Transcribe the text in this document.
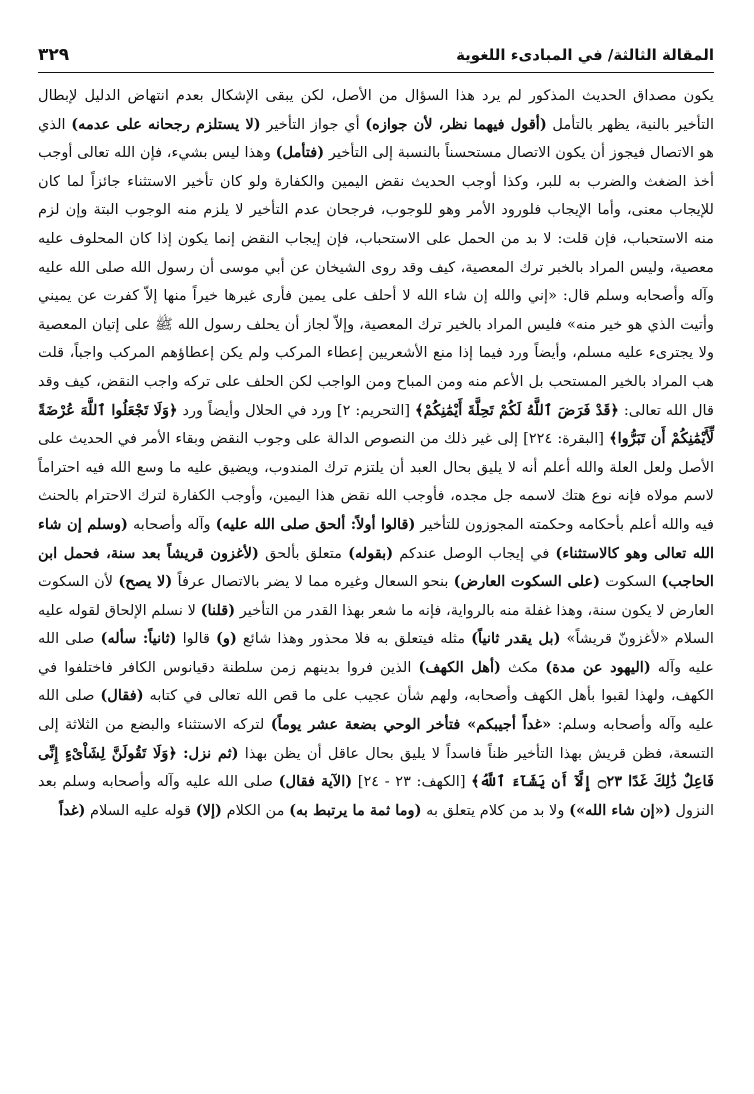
المقالة الثالثة/ في المبادىء اللغوية
٣٢٩

يكون مصداق الحديث المذكور لم يرد هذا السؤال من الأصل، لكن يبقى الإشكال بعدم انتهاض الدليل لإبطال التأخير بالنية، يظهر بالتأمل (أقول فيهما نظر، لأن جوازه) أي جواز التأخير (لا يستلزم رجحانه على عدمه) الذي هو الاتصال فيجوز أن يكون الاتصال مستحسناً بالنسبة إلى التأخير (فتأمل) وهذا ليس بشيء، فإن الله تعالى أوجب أخذ الضغث والضرب به للبر، وكذا أوجب الحديث نقض اليمين والكفارة ولو كان تأخير الاستثناء جائزاً لما كان للإيجاب معنى، وأما الإيجاب فلورود الأمر وهو للوجوب، فرجحان عدم التأخير لا يلزم منه الوجوب البتة وإن لزم منه الاستحباب، فإن قلت: لا بد من الحمل على الاستحباب، فإن إيجاب النقض إنما يكون إذا كان المحلوف عليه معصية، وليس المراد بالخبر ترك المعصية، كيف وقد روى الشيخان عن أبي موسى أن رسول الله صلى الله عليه وآله وأصحابه وسلم قال: «إني والله إن شاء الله لا أحلف على يمين فأرى غيرها خيراً منها إلاّ كفرت عن يميني وأتيت الذي هو خير منه» فليس المراد بالخير ترك المعصية، وإلاّ لجاز أن يحلف رسول الله ﷺ على إتيان المعصية ولا يجترىء عليه مسلم، وأيضاً ورد فيما إذا منع الأشعريين إعطاء المركب ولم يكن إعطاؤهم المركب واجباً، قلت هب المراد بالخير المستحب بل الأعم منه ومن المباح ومن الواجب لكن الحلف على تركه واجب النقض، كيف وقد قال الله تعالى: ﴿قَدْ فَرَضَ ٱللَّهُ لَكُمْ تَحِلَّةَ أَيْمَٰنِكُمْ﴾ [التحريم: ٢] ورد في الحلال وأيضاً ورد ﴿وَلَا تَجْعَلُوا ٱللَّهَ عُرْضَةً لِّأَيْمَٰنِكُمْ أَن تَبَرُّوا﴾ [البقرة: ٢٢٤] إلى غير ذلك من النصوص الدالة على وجوب النقض وبقاء الأمر في الحديث على الأصل ولعل العلة والله أعلم أنه لا يليق بحال العبد أن يلتزم ترك المندوب، ويضيق عليه ما وسع الله فيه احتراماً لاسم مولاه فإنه نوع هتك لاسمه جل مجده، فأوجب الله نقض هذا اليمين، وأوجب الكفارة لترك الاحترام بالحنث فيه والله أعلم بأحكامه وحكمته المجوزون للتأخير (قالوا أولاً: ألحق صلى الله عليه) وآله وأصحابه (وسلم إن شاء الله تعالى وهو كالاستثناء) في إيجاب الوصل عندكم (بقوله) متعلق بألحق (لأغزون قريشاً بعد سنة، فحمل ابن الحاجب) السكوت (على السكوت العارض) بنحو السعال وغيره مما لا يضر بالاتصال عرفاً (لا يصح) لأن السكوت العارض لا يكون سنة، وهذا غفلة منه بالرواية، فإنه ما شعر بهذا القدر من التأخير (قلنا) لا نسلم الإلحاق لقوله عليه السلام «لأغزونّ قريشاً» (بل يقدر ثانياً) مثله فيتعلق به فلا محذور وهذا شائع (و) قالوا (ثانياً: سأله) صلى الله عليه وآله (اليهود عن مدة) مكث (أهل الكهف) الذين فروا بدينهم زمن سلطنة دقيانوس الكافر فاختلفوا في الكهف، ولهذا لقبوا بأهل الكهف وأصحابه، ولهم شأن عجيب على ما قص الله تعالى في كتابه (فقال) صلى الله عليه وآله وأصحابه وسلم: «غداً أجيبكم» فتأخر الوحي بضعة عشر يوماً) لتركه الاستثناء والبضع من الثلاثة إلى التسعة، فظن قريش بهذا التأخير ظناً فاسداً لا يليق بحال عاقل أن يظن بهذا (ثم نزل: ﴿وَلَا تَقُولَنَّ لِشَاْىْءٍ إِنِّى فَاعِلٌ ذَٰلِكَ غَدًا ۝٢٣ إِلَّآ أَن يَشَآءَ ٱللَّهُ﴾ [الكهف: ٢٣ - ٢٤] (الآية فقال) صلى الله عليه وآله وأصحابه وسلم بعد النزول («إن شاء الله») ولا بد من كلام يتعلق به (وما ثمة ما يرتبط به) من الكلام (إلا) قوله عليه السلام (غداً
